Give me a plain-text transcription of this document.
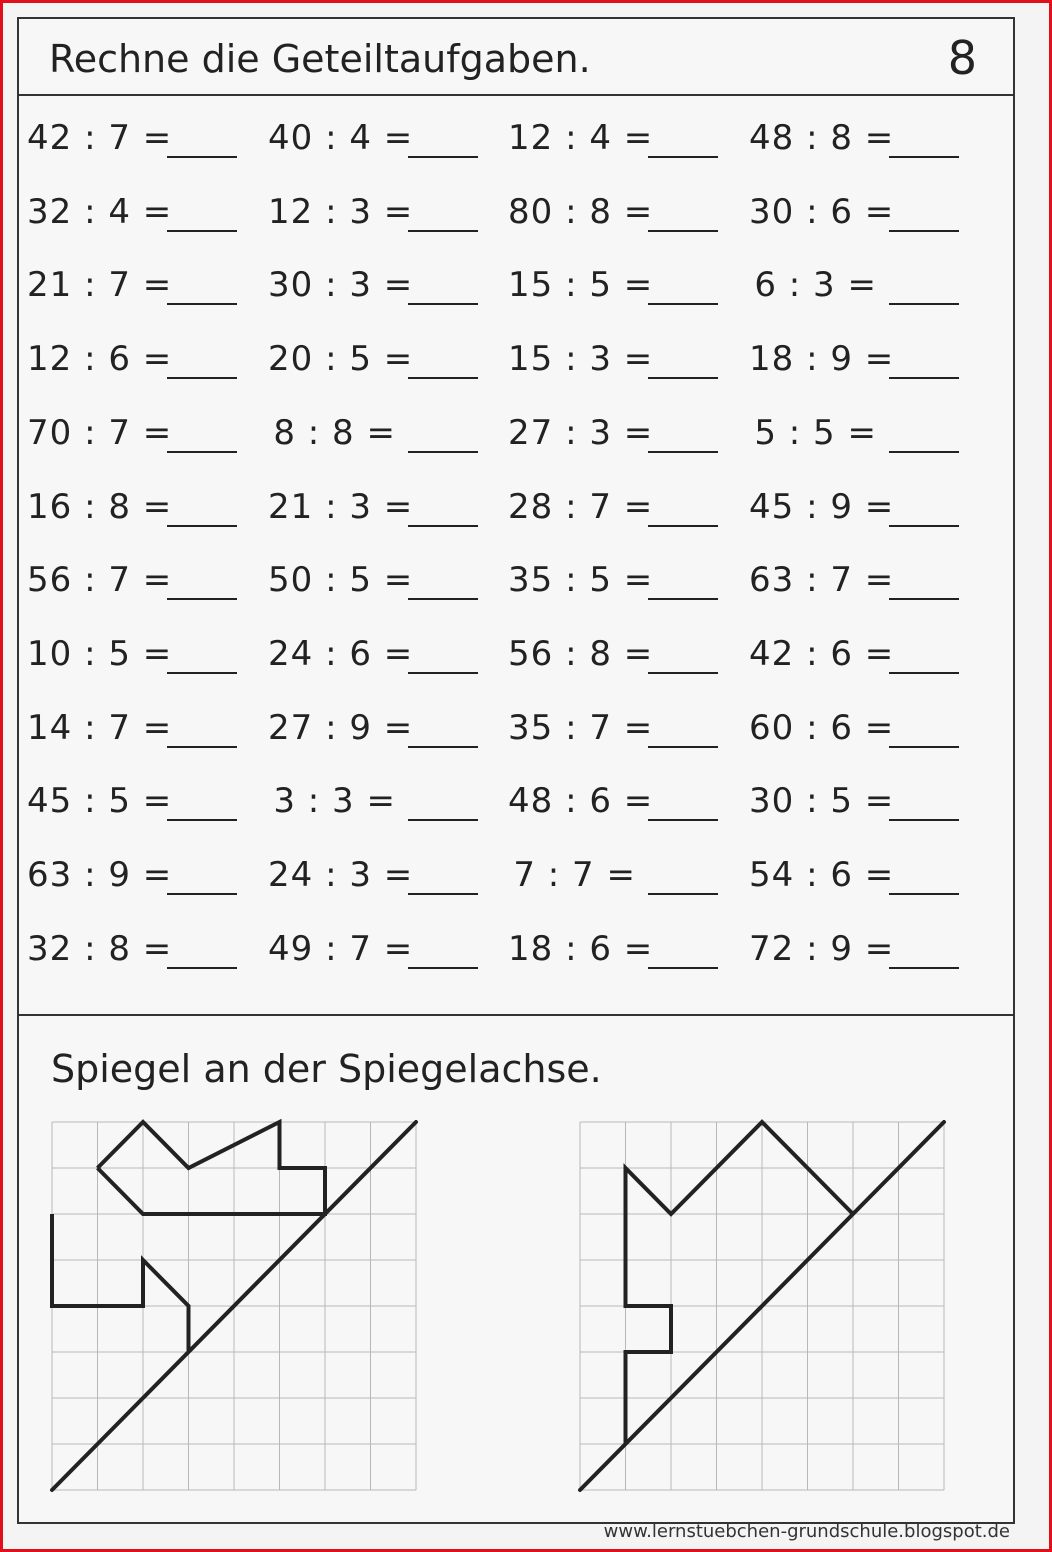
Rechne die Geteiltaufgaben.	8
42 : 7 =
32 : 4 =
21 : 7 =
12 : 6 =
70 : 7 =
16 : 8 =
56 : 7 =
10 : 5 =
14 : 7 =
45 : 5 =
63 : 9 =
32 : 8 =
40 : 4 =
12 : 3 =
30 : 3 =
20 : 5 =
8 : 8 =
21 : 3 =
50 : 5 =
24 : 6 =
27 : 9 =
3 : 3 =
24 : 3 =
49 : 7 =
12 : 4 =
80 : 8 =
15 : 5 =
15 : 3 =
27 : 3 =
28 : 7 =
35 : 5 =
56 : 8 =
35 : 7 =
48 : 6 =
7 : 7 =
18 : 6 =
48 : 8 =
30 : 6 =
6 : 3 =
18 : 9 =
5 : 5 =
45 : 9 =
63 : 7 =
42 : 6 =
60 : 6 =
30 : 5 =
54 : 6 =
72 : 9 =
Spiegel an der Spiegelachse.
www.lernstuebchen-grundschule.blogspot.de
